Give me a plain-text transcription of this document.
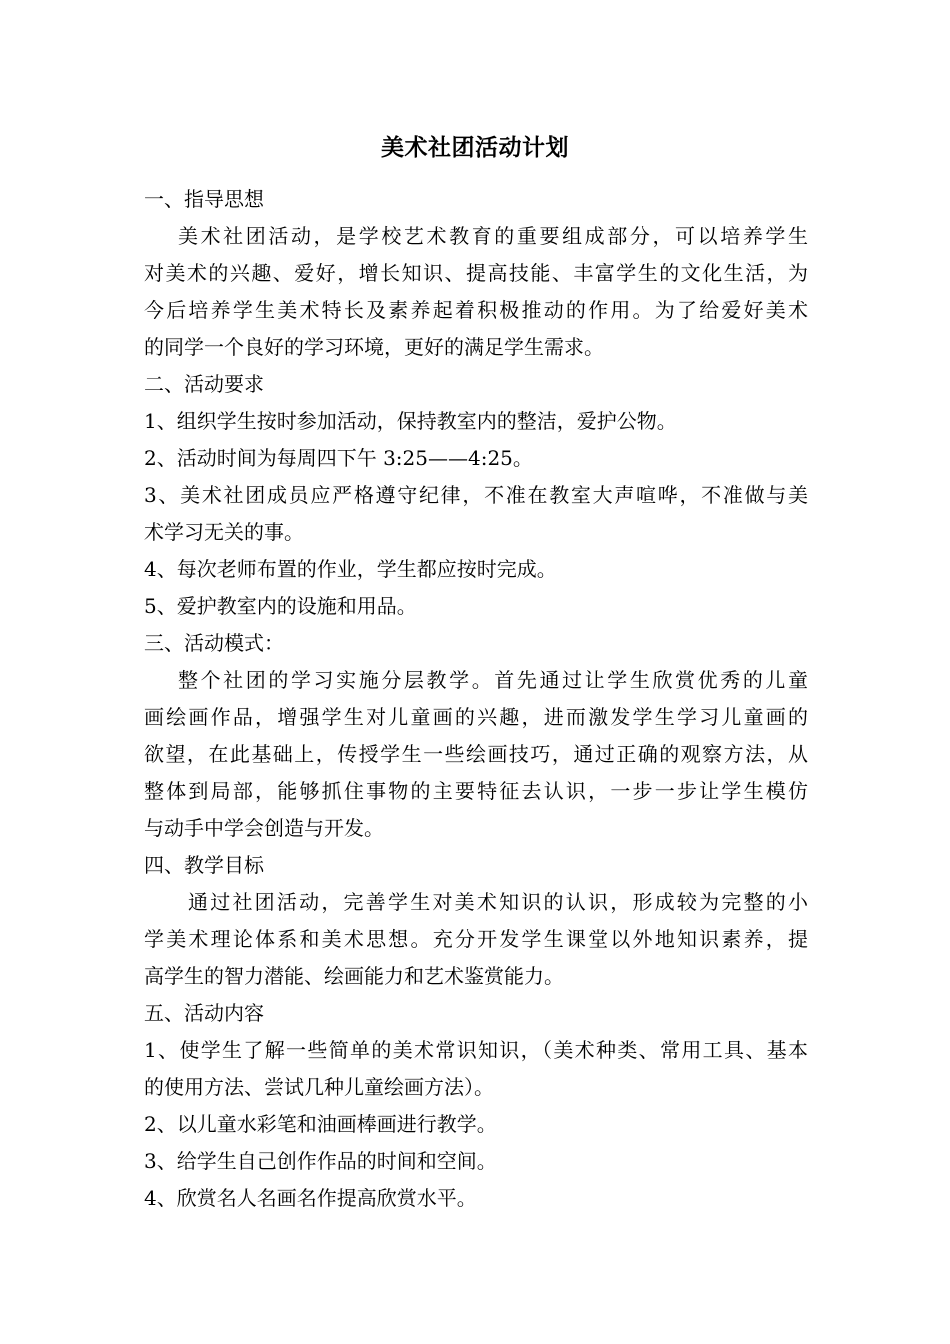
美术社团活动计划
一、指导思想
美术社团活动，是学校艺术教育的重要组成部分，可以培养学生
对美术的兴趣、爱好，增长知识、提高技能、丰富学生的文化生活，为
今后培养学生美术特长及素养起着积极推动的作用。为了给爱好美术
的同学一个良好的学习环境，更好的满足学生需求。
二、活动要求
1、组织学生按时参加活动，保持教室内的整洁，爱护公物。
2、活动时间为每周四下午 3:25——4:25。
3、美术社团成员应严格遵守纪律，不准在教室大声喧哗，不准做与美
术学习无关的事。
4、每次老师布置的作业，学生都应按时完成。
5、爱护教室内的设施和用品。
三、活动模式：
整个社团的学习实施分层教学。首先通过让学生欣赏优秀的儿童
画绘画作品，增强学生对儿童画的兴趣，进而激发学生学习儿童画的
欲望，在此基础上，传授学生一些绘画技巧，通过正确的观察方法，从
整体到局部，能够抓住事物的主要特征去认识，一步一步让学生模仿
与动手中学会创造与开发。
四、教学目标
通过社团活动，完善学生对美术知识的认识，形成较为完整的小
学美术理论体系和美术思想。充分开发学生课堂以外地知识素养，提
高学生的智力潜能、绘画能力和艺术鉴赏能力。
五、活动内容
1、使学生了解一些简单的美术常识知识，（美术种类、常用工具、基本
的使用方法、尝试几种儿童绘画方法）。
2、以儿童水彩笔和油画棒画进行教学。
3、给学生自己创作作品的时间和空间。
4、欣赏名人名画名作提高欣赏水平。
